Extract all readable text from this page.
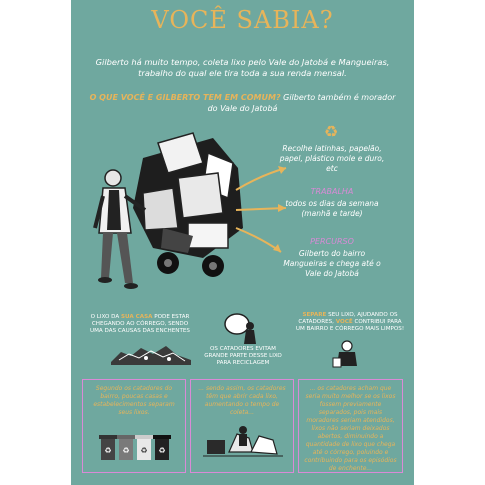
VOCÊ SABIA?
Gilberto há muito tempo, coleta lixo pelo Vale do Jatobá e Mangueiras, trabalho do qual ele tira toda a sua renda mensal.
O QUE VOCÊ E GILBERTO TEM EM COMUM? Gilberto também é morador do Vale do Jatobá
♻
Recolhe latinhas, papelão, papel, plástico mole e duro, etc
TRABALHA
todos os dias da semana (manhã e tarde)
PERCURSO
Gilberto do bairro Mangueiras e chega até o Vale do Jatobá
O LIXO DA SUA CASA PODE ESTAR CHEGANDO AO CÓRREGO, SENDO UMA DAS CAUSAS DAS ENCHENTES
OS CATADORES EVITAM GRANDE PARTE DESSE LIXO PARA RECICLAGEM
SEPARE SEU LIXO, AJUDANDO OS CATADORES, VOCÊ CONTRIBUI PARA UM BAIRRO E CÓRREGO MAIS LIMPOS!
Segundo os catadores do bairro, poucas casas e estabelecimentos separam seus lixos.
♻ ♻ ♻ ♻
... sendo assim, os catadores têm que abrir cada lixo, aumentando o tempo de coleta...
... os catadores acham que seria muito melhor se os lixos fossem previamente separados, pois mais moradores seriam atendidos, lixos não seriam deixados abertos, diminuindo a quantidade de lixo que chega até o córrego, poluindo e contribuindo para os episódios de enchente...
